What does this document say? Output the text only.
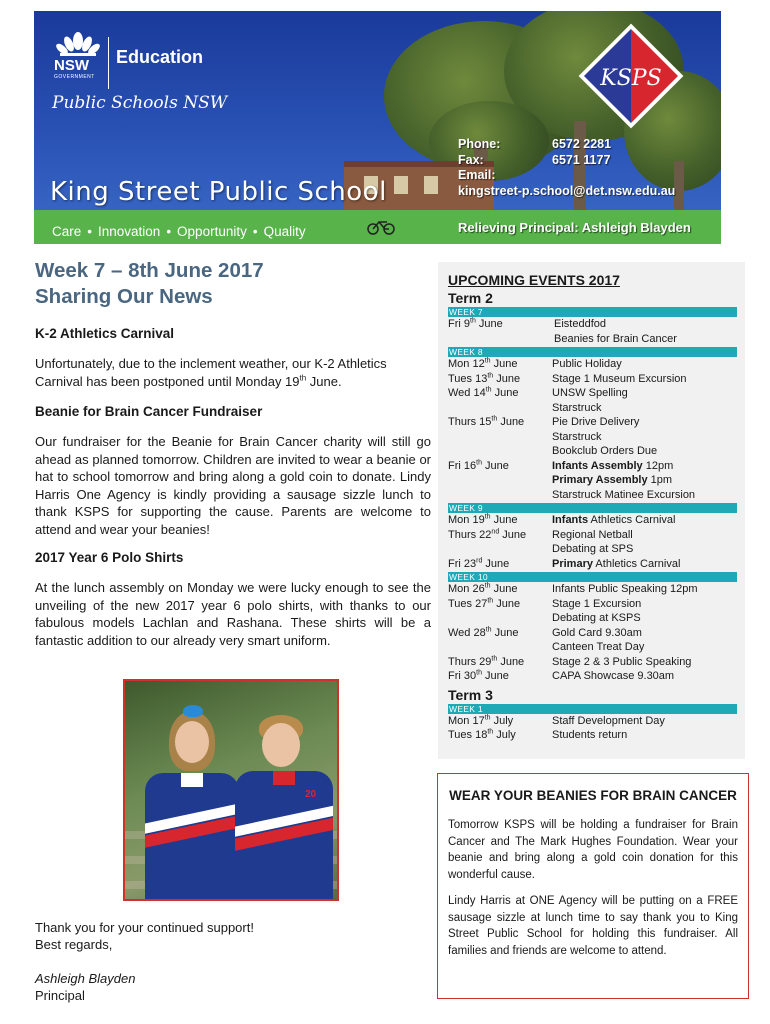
NSW
GOVERNMENT
Education
Public Schools NSW
KSPS
King Street Public School
Care • Innovation • Opportunity • Quality
Phone:	6572 2281
Fax:	6571 1177
Email:
kingstreet-p.school@det.nsw.edu.au
Relieving Principal: Ashleigh Blayden
Week 7 – 8th June 2017
Sharing Our News
K-2 Athletics Carnival
Unfortunately, due to the inclement weather, our K-2 Athletics Carnival has been postponed until Monday 19th June.
Beanie for Brain Cancer Fundraiser
Our fundraiser for the Beanie for Brain Cancer charity will still go ahead as planned tomorrow. Children are invited to wear a beanie or hat to school tomorrow and bring along a gold coin to donate. Lindy Harris One Agency is kindly providing a sausage sizzle lunch to thank KSPS for supporting the cause. Parents are welcome to attend and wear your beanies!
2017 Year 6 Polo Shirts
At the lunch assembly on Monday we were lucky enough to see the unveiling of the new 2017 year 6 polo shirts, with thanks to our fabulous models Lachlan and Rashana. These shirts will be a fantastic addition to our already very smart uniform.
20
Thank you for your continued support!
Best regards,
Ashleigh Blayden
Principal
UPCOMING EVENTS 2017
Term 2
WEEK 7
Fri 9th June	Eisteddfod
Beanies for Brain Cancer
WEEK 8
Mon 12th June	Public Holiday
Tues 13th June	Stage 1 Museum Excursion
Wed 14th June	UNSW Spelling
Starstruck
Thurs 15th June	Pie Drive Delivery
Starstruck
Bookclub Orders Due
Fri 16th June	Infants Assembly 12pm
Primary Assembly 1pm
Starstruck Matinee Excursion
WEEK 9
Mon 19th June	Infants Athletics Carnival
Thurs 22nd June	Regional Netball
Debating at SPS
Fri 23rd June	Primary Athletics Carnival
WEEK 10
Mon 26th June	Infants Public Speaking 12pm
Tues 27th June	Stage 1 Excursion
Debating at KSPS
Wed 28th June	Gold Card 9.30am
Canteen Treat Day
Thurs 29th June	Stage 2 & 3 Public Speaking
Fri 30th June	CAPA Showcase 9.30am
Term 3
WEEK 1
Mon 17th July	Staff Development Day
Tues 18th July	Students return
WEAR YOUR BEANIES FOR BRAIN CANCER

Tomorrow KSPS will be holding a fundraiser for Brain Cancer and The Mark Hughes Foundation. Wear your beanie and bring along a gold coin donation for this wonderful cause.

Lindy Harris at ONE Agency will be putting on a FREE sausage sizzle at lunch time to say thank you to King Street Public School for holding this fundraiser. All families and friends are welcome to attend.
